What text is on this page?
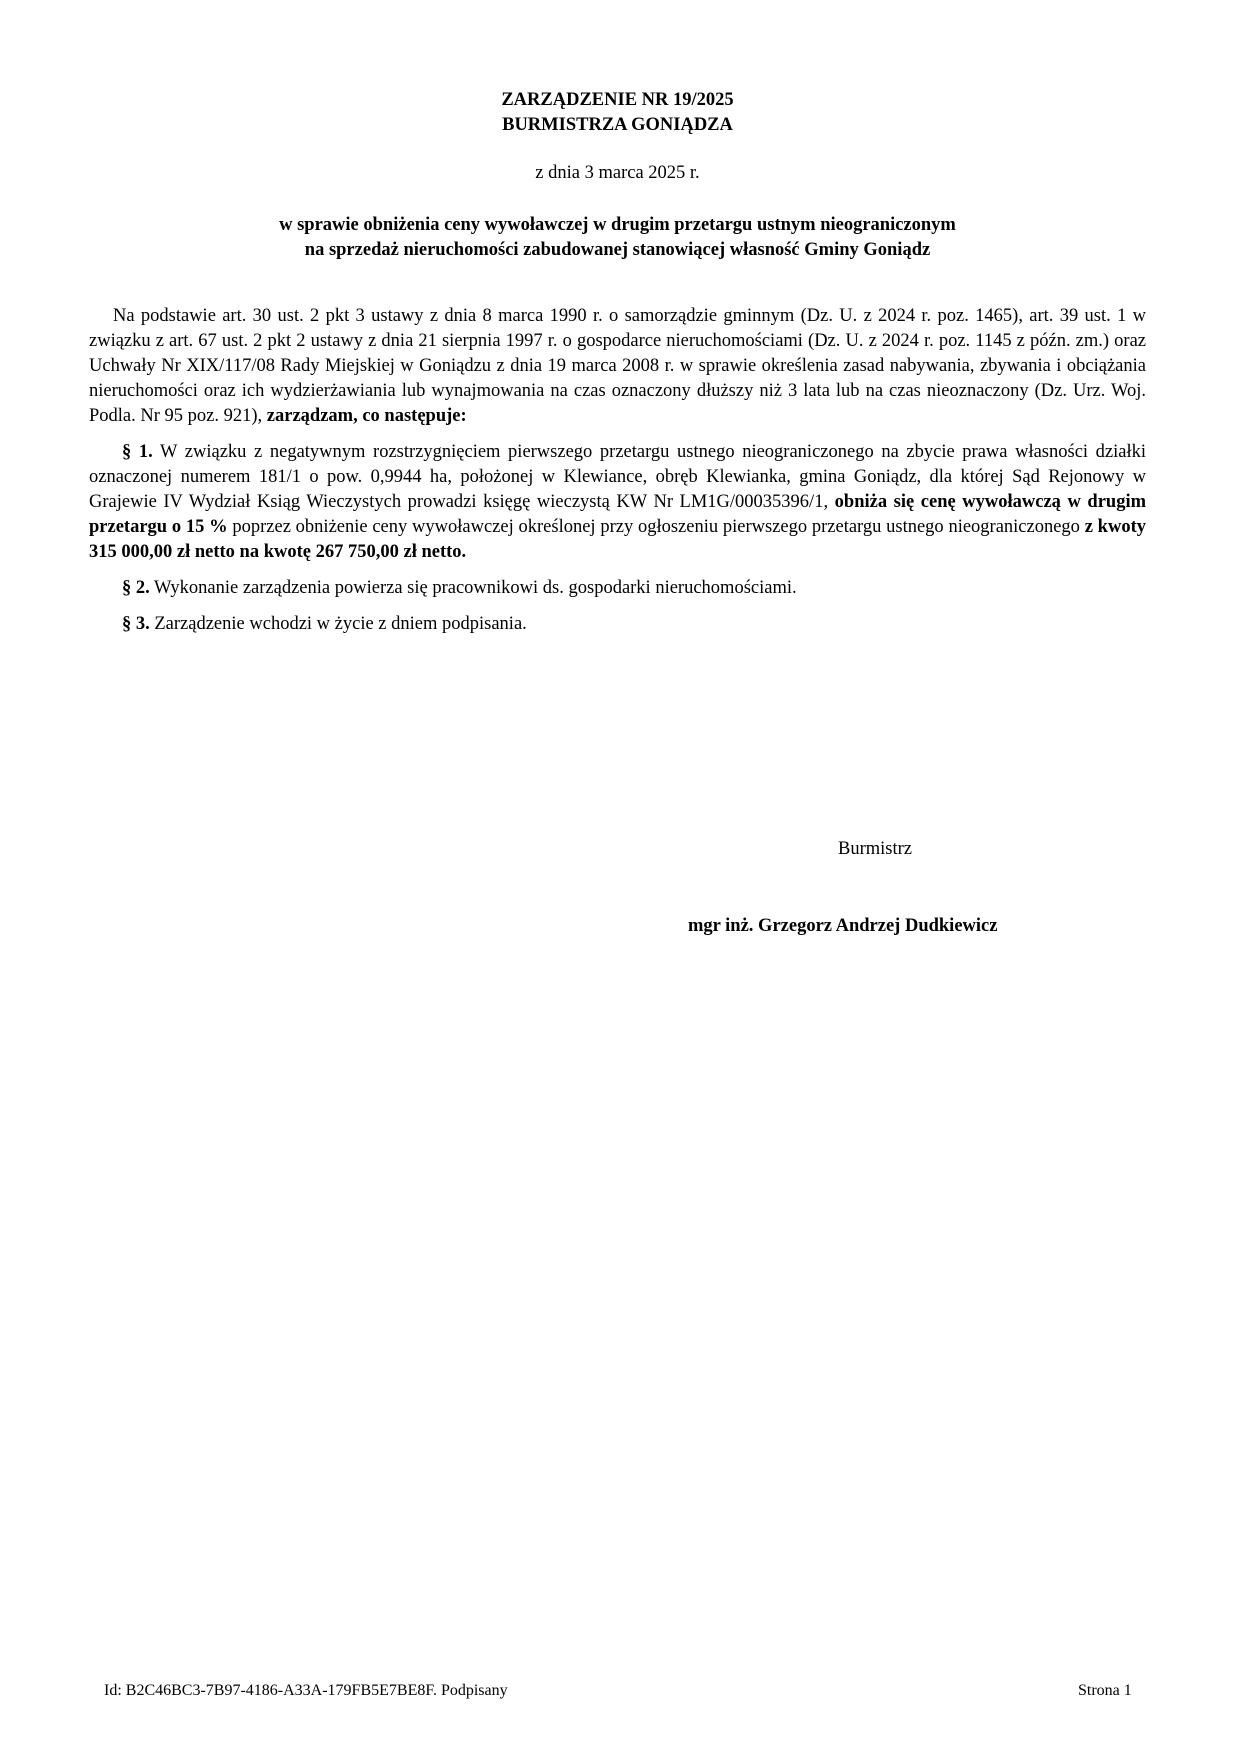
ZARZĄDZENIE NR 19/2025

BURMISTRZA GONIĄDZA

z dnia 3 marca 2025 r.

w sprawie obniżenia ceny wywoławczej w drugim przetargu ustnym nieograniczonym
na sprzedaż nieruchomości zabudowanej stanowiącej własność Gminy Goniądz

Na podstawie art. 30 ust. 2 pkt 3 ustawy z dnia 8 marca 1990 r. o samorządzie gminnym (Dz. U. z 2024 r. poz. 1465), art. 39 ust. 1 w związku z art. 67 ust. 2 pkt 2 ustawy z dnia 21 sierpnia 1997 r. o gospodarce nieruchomościami (Dz. U. z 2024 r. poz. 1145 z późn. zm.) oraz Uchwały Nr XIX/117/08 Rady Miejskiej w Goniądzu z dnia 19 marca 2008 r. w sprawie określenia zasad nabywania, zbywania i obciążania nieruchomości oraz ich wydzierżawiania lub wynajmowania na czas oznaczony dłuższy niż 3 lata lub na czas nieoznaczony (Dz. Urz. Woj. Podla. Nr 95 poz. 921), zarządzam, co następuje:

§ 1. W związku z negatywnym rozstrzygnięciem pierwszego przetargu ustnego nieograniczonego na zbycie prawa własności działki oznaczonej numerem 181/1 o pow. 0,9944 ha, położonej w Klewiance, obręb Klewianka, gmina Goniądz, dla której Sąd Rejonowy w Grajewie IV Wydział Ksiąg Wieczystych prowadzi księgę wieczystą KW Nr LM1G/00035396/1, obniża się cenę wywoławczą w drugim przetargu o 15 % poprzez obniżenie ceny wywoławczej określonej przy ogłoszeniu pierwszego przetargu ustnego nieograniczonego z kwoty 315 000,00 zł netto na kwotę 267 750,00 zł netto.

§ 2. Wykonanie zarządzenia powierza się pracownikowi ds. gospodarki nieruchomościami.

§ 3. Zarządzenie wchodzi w życie z dniem podpisania.

Burmistrz
mgr inż. Grzegorz Andrzej Dudkiewicz
Id: B2C46BC3-7B97-4186-A33A-179FB5E7BE8F. Podpisany	Strona 1
